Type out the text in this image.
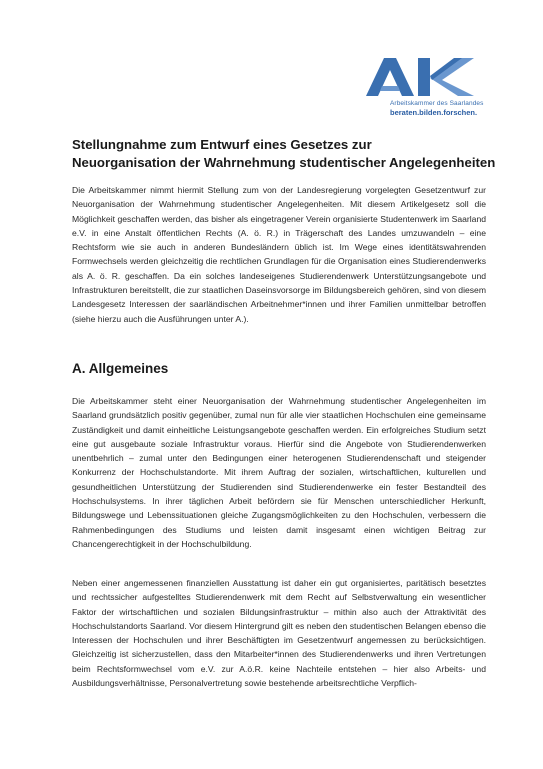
Arbeitskammer des Saarlandes
beraten.bilden.forschen.
Stellungnahme zum Entwurf eines Gesetzes zur
Neuorganisation der Wahrnehmung studentischer Angelegenheiten

Die Arbeitskammer nimmt hiermit Stellung zum von der Landesregierung vorgelegten Gesetzentwurf zur Neuorganisation der Wahrnehmung studentischer Angelegenheiten. Mit diesem Artikelgesetz soll die Möglichkeit geschaffen werden, das bisher als eingetragener Verein organisierte Studentenwerk im Saarland e.V. in eine Anstalt öffentlichen Rechts (A. ö. R.) in Trägerschaft des Landes umzuwandeln – eine Rechtsform wie sie auch in anderen Bundesländern üblich ist. Im Wege eines identitätswahrenden Formwechsels werden gleichzeitig die rechtlichen Grundlagen für die Organisation eines Studierendenwerks als A. ö. R. geschaffen. Da ein solches landeseigenes Studierendenwerk Unterstützungsangebote und Infrastrukturen bereitstellt, die zur staatlichen Daseinsvorsorge im Bildungsbereich gehören, sind von diesem Landesgesetz Interessen der saarländischen Arbeitnehmer*innen und ihrer Familien unmittelbar betroffen (siehe hierzu auch die Ausführungen unter A.).

A. Allgemeines

Die Arbeitskammer steht einer Neuorganisation der Wahrnehmung studentischer Angelegenheiten im Saarland grundsätzlich positiv gegenüber, zumal nun für alle vier staatlichen Hochschulen eine gemeinsame Zuständigkeit und damit einheitliche Leistungsangebote geschaffen werden. Ein erfolgreiches Studium setzt eine gut ausgebaute soziale Infrastruktur voraus. Hierfür sind die Angebote von Studierendenwerken unentbehrlich – zumal unter den Bedingungen einer heterogenen Studierendenschaft und steigender Konkurrenz der Hochschulstandorte. Mit ihrem Auftrag der sozialen, wirtschaftlichen, kulturellen und gesundheitlichen Unterstützung der Studierenden sind Studierendenwerke ein fester Bestandteil des Hochschulsystems. In ihrer täglichen Arbeit befördern sie für Menschen unterschiedlicher Herkunft, Bildungswege und Lebenssituationen gleiche Zugangsmöglichkeiten zu den Hochschulen, verbessern die Rahmenbedingungen des Studiums und leisten damit insgesamt einen wichtigen Beitrag zur Chancengerechtigkeit in der Hochschulbildung.

Neben einer angemessenen finanziellen Ausstattung ist daher ein gut organisiertes, paritätisch besetztes und rechtssicher aufgestelltes Studierendenwerk mit dem Recht auf Selbstverwaltung ein wesentlicher Faktor der wirtschaftlichen und sozialen Bildungsinfrastruktur – mithin also auch der Attraktivität des Hochschulstandorts Saarland. Vor diesem Hintergrund gilt es neben den studentischen Belangen ebenso die Interessen der Hochschulen und ihrer Beschäftigten im Gesetzentwurf angemessen zu berücksichtigen. Gleichzeitig ist sicherzustellen, dass den Mitarbeiter*innen des Studierendenwerks und ihren Vertretungen beim Rechtsformwechsel vom e.V. zur A.ö.R. keine Nachteile entstehen – hier also Arbeits- und Ausbildungsverhältnisse, Personalvertretung sowie bestehende arbeitsrechtliche Verpflich-
